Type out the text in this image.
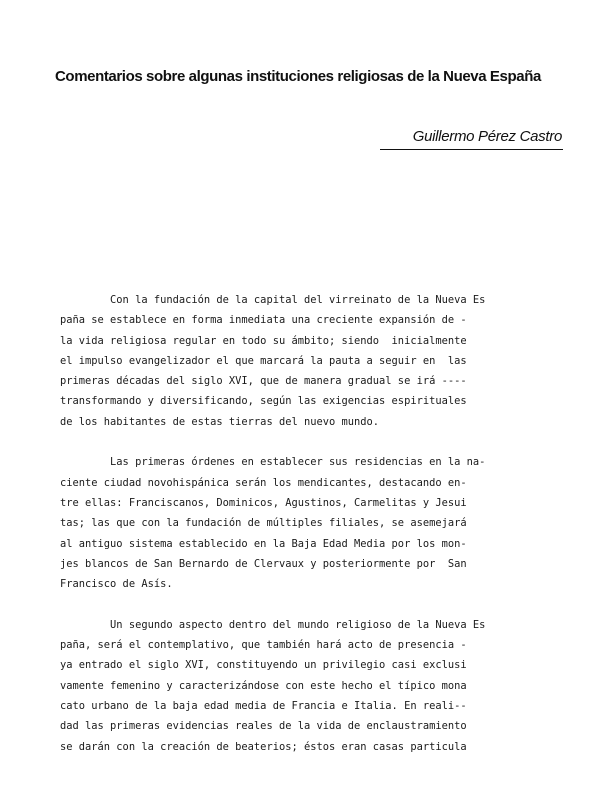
Comentarios sobre algunas instituciones religiosas de la Nueva España
Guillermo Pérez Castro
Con la fundación de la capital del virreinato de la Nueva Es
paña se establece en forma inmediata una creciente expansión de -
la vida religiosa regular en todo su ámbito; siendo  inicialmente
el impulso evangelizador el que marcará la pauta a seguir en  las
primeras décadas del siglo XVI, que de manera gradual se irá ----
transformando y diversificando, según las exigencias espirituales
de los habitantes de estas tierras del nuevo mundo.
Las primeras órdenes en establecer sus residencias en la na-
ciente ciudad novohispánica serán los mendicantes, destacando en-
tre ellas: Franciscanos, Dominicos, Agustinos, Carmelitas y Jesui
tas; las que con la fundación de múltiples filiales, se asemejará
al antiguo sistema establecido en la Baja Edad Media por los mon-
jes blancos de San Bernardo de Clervaux y posteriormente por  San
Francisco de Asís.
Un segundo aspecto dentro del mundo religioso de la Nueva Es
paña, será el contemplativo, que también hará acto de presencia -
ya entrado el siglo XVI, constituyendo un privilegio casi exclusi
vamente femenino y caracterizándose con este hecho el típico mona
cato urbano de la baja edad media de Francia e Italia. En reali--
dad las primeras evidencias reales de la vida de enclaustramiento
se darán con la creación de beaterios; éstos eran casas particula
